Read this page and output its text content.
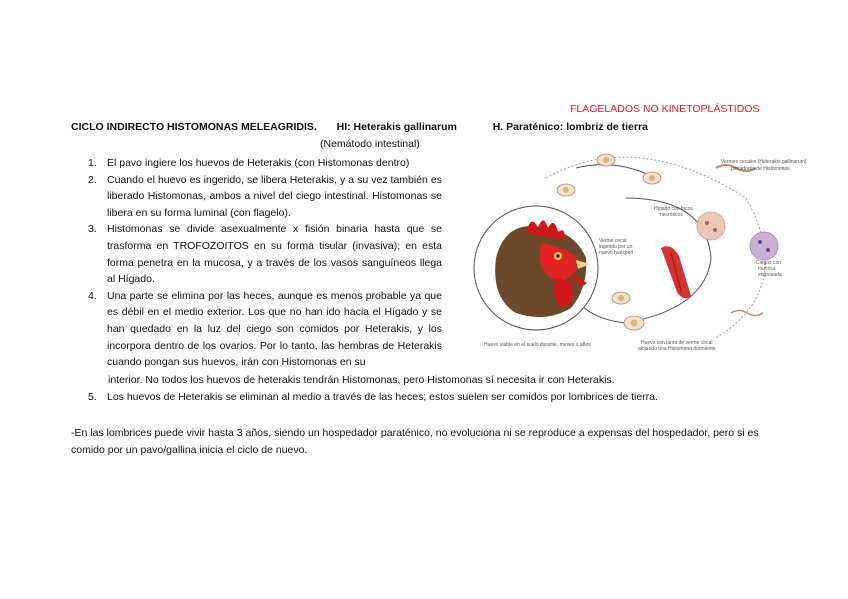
FLAGELADOS NO KINETOPLÁSTIDOS
CICLO INDIRECTO HISTOMONAS MELEAGRIDIS. HI: Heterakis gallinarum	H. Paraténico: lombriz de tierra
(Nemátodo intestinal)

1. El pavo ingiere los huevos de Heterakis (con Histomonas dentro)

2. Cuando el huevo es ingerido, se libera Heterakis, y a su vez también es liberado Histomonas, ambos a nivel del ciego intestinal. Histomonas se libera en su forma luminal (con flagelo).

3. Histomonas se divide asexualmente x fisión binaria hasta que se trasforma en TROFOZOITOS en su forma tisular (invasiva); en esta forma penetra en la mucosa, y a través de los vasos sanguíneos llega al Hígado.

4. Una parte se elimina por las heces, aunque es menos probable ya que es débil en el medio exterior. Los que no han ido hacia el Hígado y se han quedado en la luz del ciego son comidos por Heterakis, y los incorpora dentro de los ovarios. Por lo tanto, las hembras de Heterakis cuando pongan sus huevos, irán con Histomonas en su

interior. No todos los huevos de heterakis tendrán Histomonas, pero Histomonas sí necesita ir con Heterakis.
5. Los huevos de Heterakis se eliminan al medio a través de las heces; estos suelen ser comidos por lombrices de tierra.
-En las lombrices puede vivir hasta 3 años, siendo un hospedador paraténico, no evoluciona ni se reproduce a expensas del hospedador, pero si es comido por un pavo/gallina inicia el ciclo de nuevo.
Vermes cecales (Heterakis gallinarum)
portadores de Histomonas
Hígado con focos
necróticos
Verme cecal
ingerido por un
nuevo huésped
Ciegos con
mucosa
engrosada
Huevo viable en el suelo durante, meses o años	Huevo con larva de verme cecal
alojando una Histomona durmiente
